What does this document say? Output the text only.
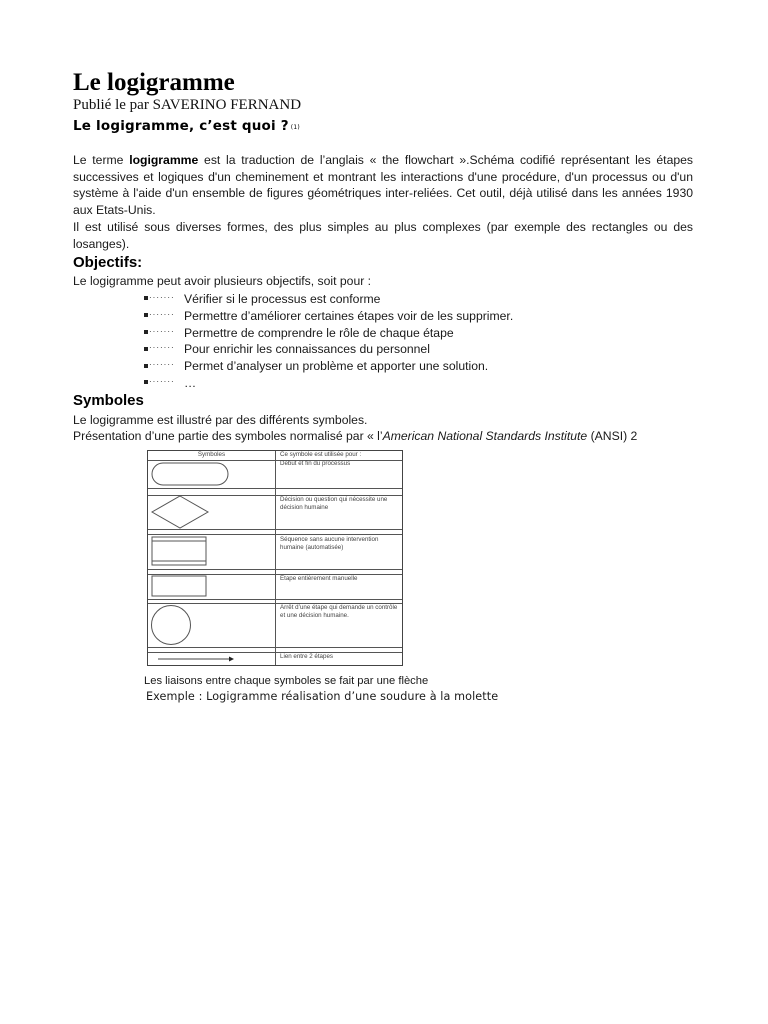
Le logigramme
Publié le par SAVERINO FERNAND
Le logigramme, c’est quoi ? $^{(1)}$

Le terme logigramme est la traduction de l’anglais « the flowchart ».Schéma codifié représentant les étapes successives et logiques d'un cheminement et montrant les interactions d'une procédure, d'un processus ou d'un système à l'aide d'un ensemble de figures géométriques inter-reliées. Cet outil, déjà utilisé dans les années 1930 aux Etats-Unis.

Il est utilisé sous diverses formes, des plus simples au plus complexes (par exemple des rectangles ou des losanges).

Objectifs:
Le logigramme peut avoir plusieurs objectifs, soit pour :
······· Vérifier si le processus est conforme
······· Permettre d’améliorer certaines étapes voir de les supprimer.
······· Permettre de comprendre le rôle de chaque étape
······· Pour enrichir les connaissances du personnel
······· Permet d’analyser un problème et apporter une solution.
······· …
Symboles
Le logigramme est illustré par des différents symboles.
Présentation d’une partie des symboles normalisé par « l’American National Standards Institute (ANSI) 2
Symboles	Ce symbole est utilisée pour :
Debut et fin du processus
Décision ou question qui nécessite une décision humaine
Séquence sans aucune intervention humaine (automatisée)
Etape entièrement manuelle
Arrêt d’une étape qui demande un contrôle et une décision humaine.
Lien entre 2 étapes
Les liaisons entre chaque symboles se fait par une flèche
Exemple : Logigramme réalisation d’une soudure à la molette
